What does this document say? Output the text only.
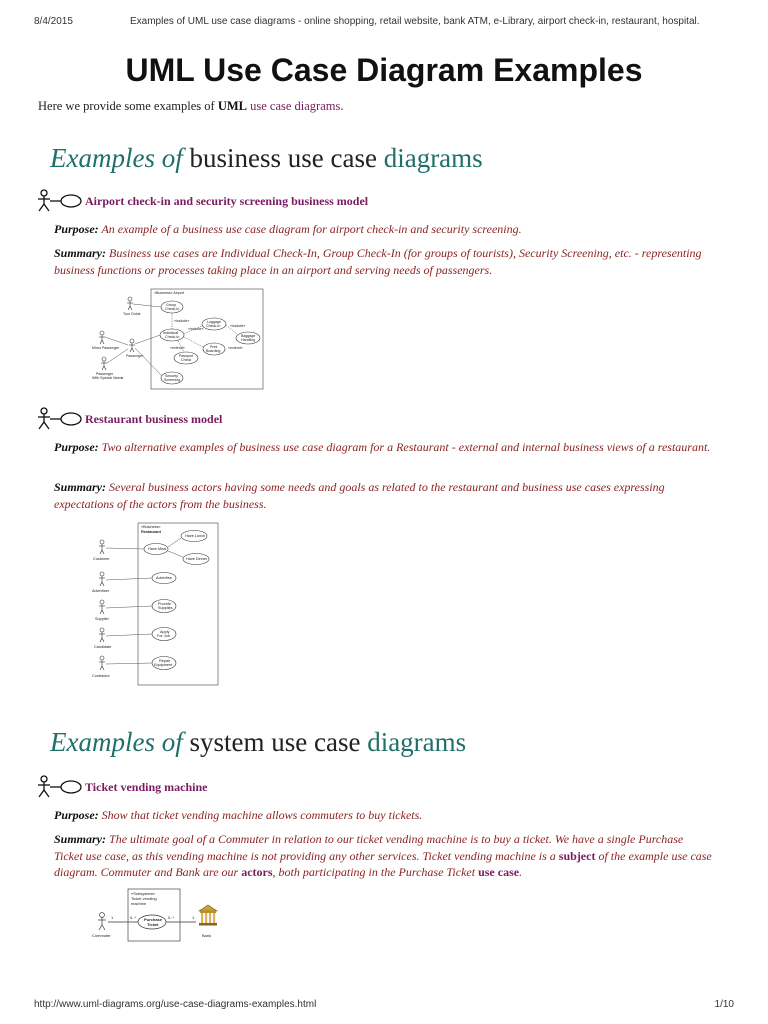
8/4/2015	Examples of UML use case diagrams - online shopping, retail website, bank ATM, e-Library, airport check-in, restaurant, hospital.
UML Use Case Diagram Examples
Here we provide some examples of UML use case diagrams.
Examples of business use case diagrams
Airport check-in and security screening business model
Purpose: An example of a business use case diagram for airport check-in and security screening.
Summary: Business use cases are Individual Check-In, Group Check-In (for groups of tourists), Security Screening, etc. - representing business functions or processes taking place in an airport and serving needs of passengers.
«Business» Airport
Tour Guide
Minor Passenger
Passenger
Passenger
With Special Needs
Group
Check-In
Individual
Check-In
Luggage
Check-In
Baggage
Handling
Print
Boarding
Passport
Check
Security
Screening
«include»
«include»
«include»
«extend»
«extend»
Restaurant business model
Purpose: Two alternative examples of business use case diagram for a Restaurant - external and internal business views of a restaurant.
Summary: Several business actors having some needs and goals as related to the restaurant and business use cases expressing expectations of the actors from the business.
«Business»
Restaurant
Customer
Advertiser
Supplier
Candidate
Contractor
Have Meal
Have Lunch
Have Dinner
Advertise
Provide
Supplies
Apply
For Job
Repair
Equipment
Examples of system use case diagrams
Ticket vending machine
Purpose: Show that ticket vending machine allows commuters to buy tickets.
Summary: The ultimate goal of a Commuter in relation to our ticket vending machine is to buy a ticket. We have a single Purchase Ticket use case, as this vending machine is not providing any other services. Ticket vending machine is a subject of the example use case diagram. Commuter and Bank are our actors, both participating in the Purchase Ticket use case.
«Subsystem»
Ticket vending
machine
Purchase
Ticket
Commuter
1	0..*	0..*	1
Bank
http://www.uml-diagrams.org/use-case-diagrams-examples.html	1/10
